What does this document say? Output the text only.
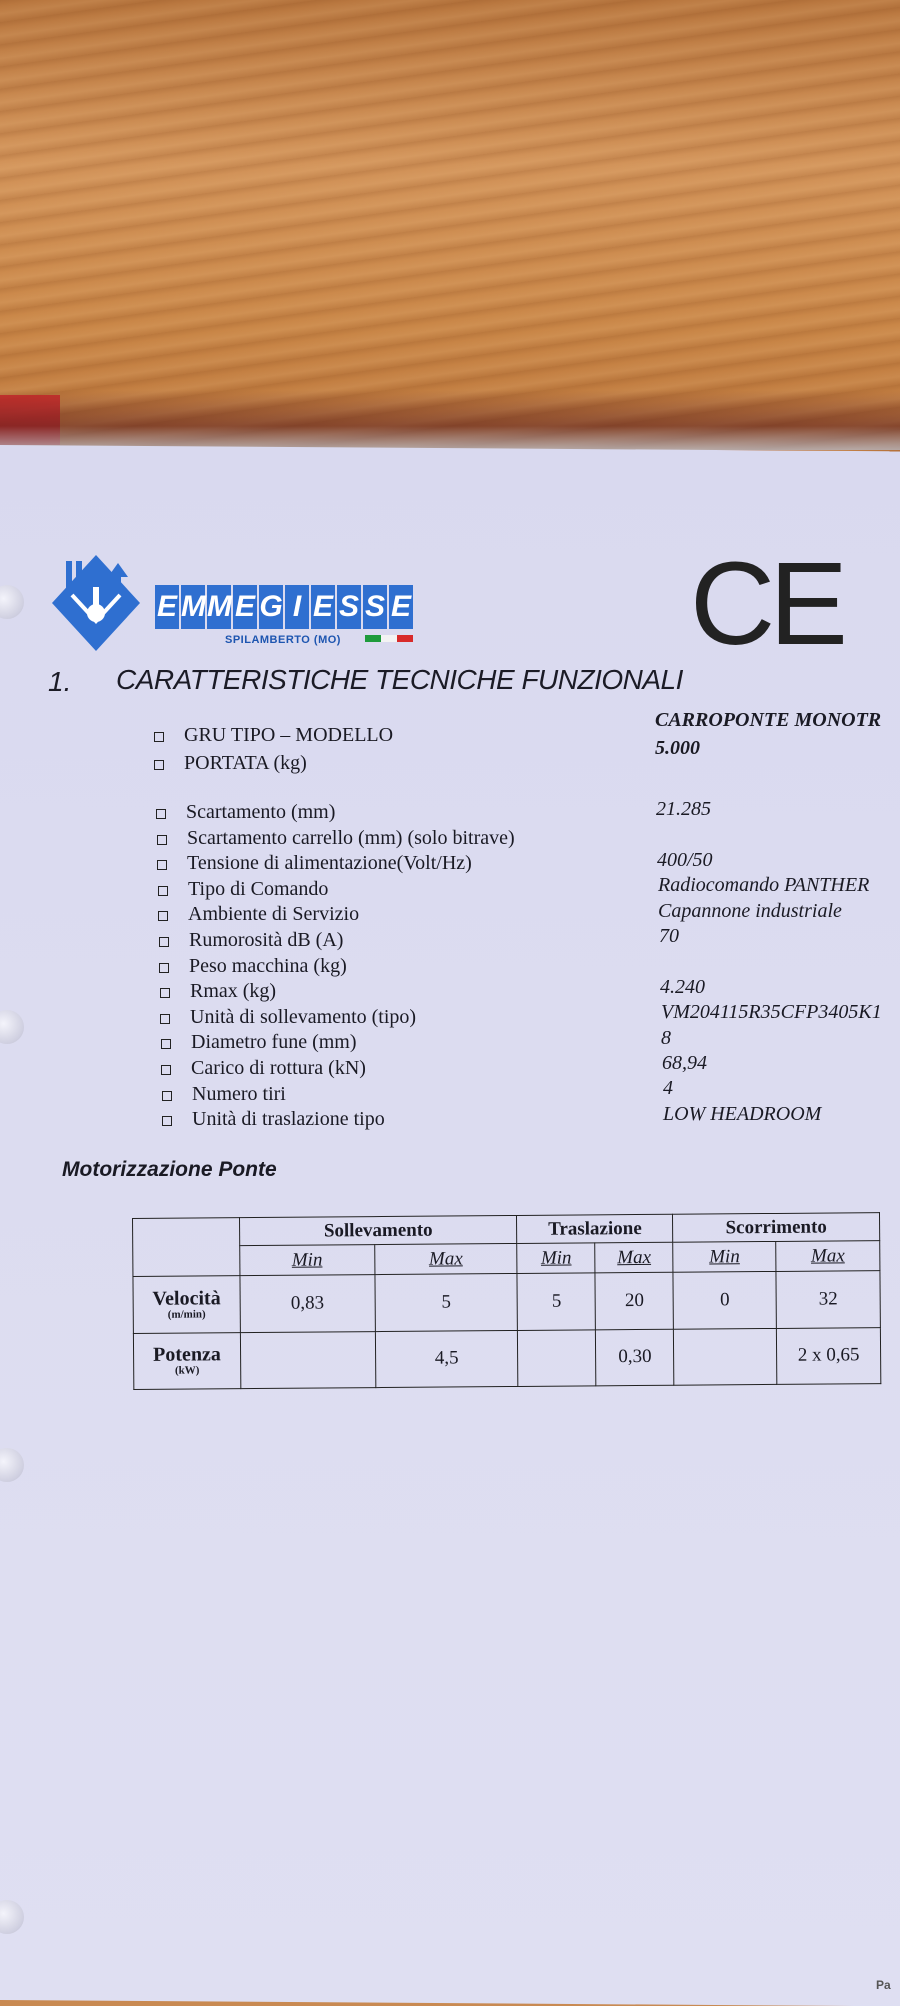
E M M E G I E S S E
SPILAMBERTO (MO)	CE
1. CARATTERISTICHE TECNICHE FUNZIONALI
GRU TIPO – MODELLO
CARROPONTE MONOTR
PORTATA (kg)
5.000
Scartamento (mm)	21.285
Scartamento carrello (mm) (solo bitrave)
Tensione di alimentazione(Volt/Hz)	400/50
Tipo di Comando	Radiocomando PANTHER
Ambiente di Servizio	Capannone industriale
Rumorosità dB (A)	70
Peso macchina (kg)
Rmax (kg)	4.240
Unità di sollevamento (tipo)	VM204115R35CFP3405K1
Diametro fune (mm)	8
Carico di rottura (kN)	68,94
Numero tiri	4
Unità di traslazione tipo	LOW HEADROOM
Motorizzazione Ponte
	Sollevamento		Traslazione		Scorrimento	
	Min	Max	Min	Max	Min	Max
Velocità
(m/min)	0,83	5	5	20	0	32
Potenza
(kW)		4,5		0,30		2 x 0,65
Pa
